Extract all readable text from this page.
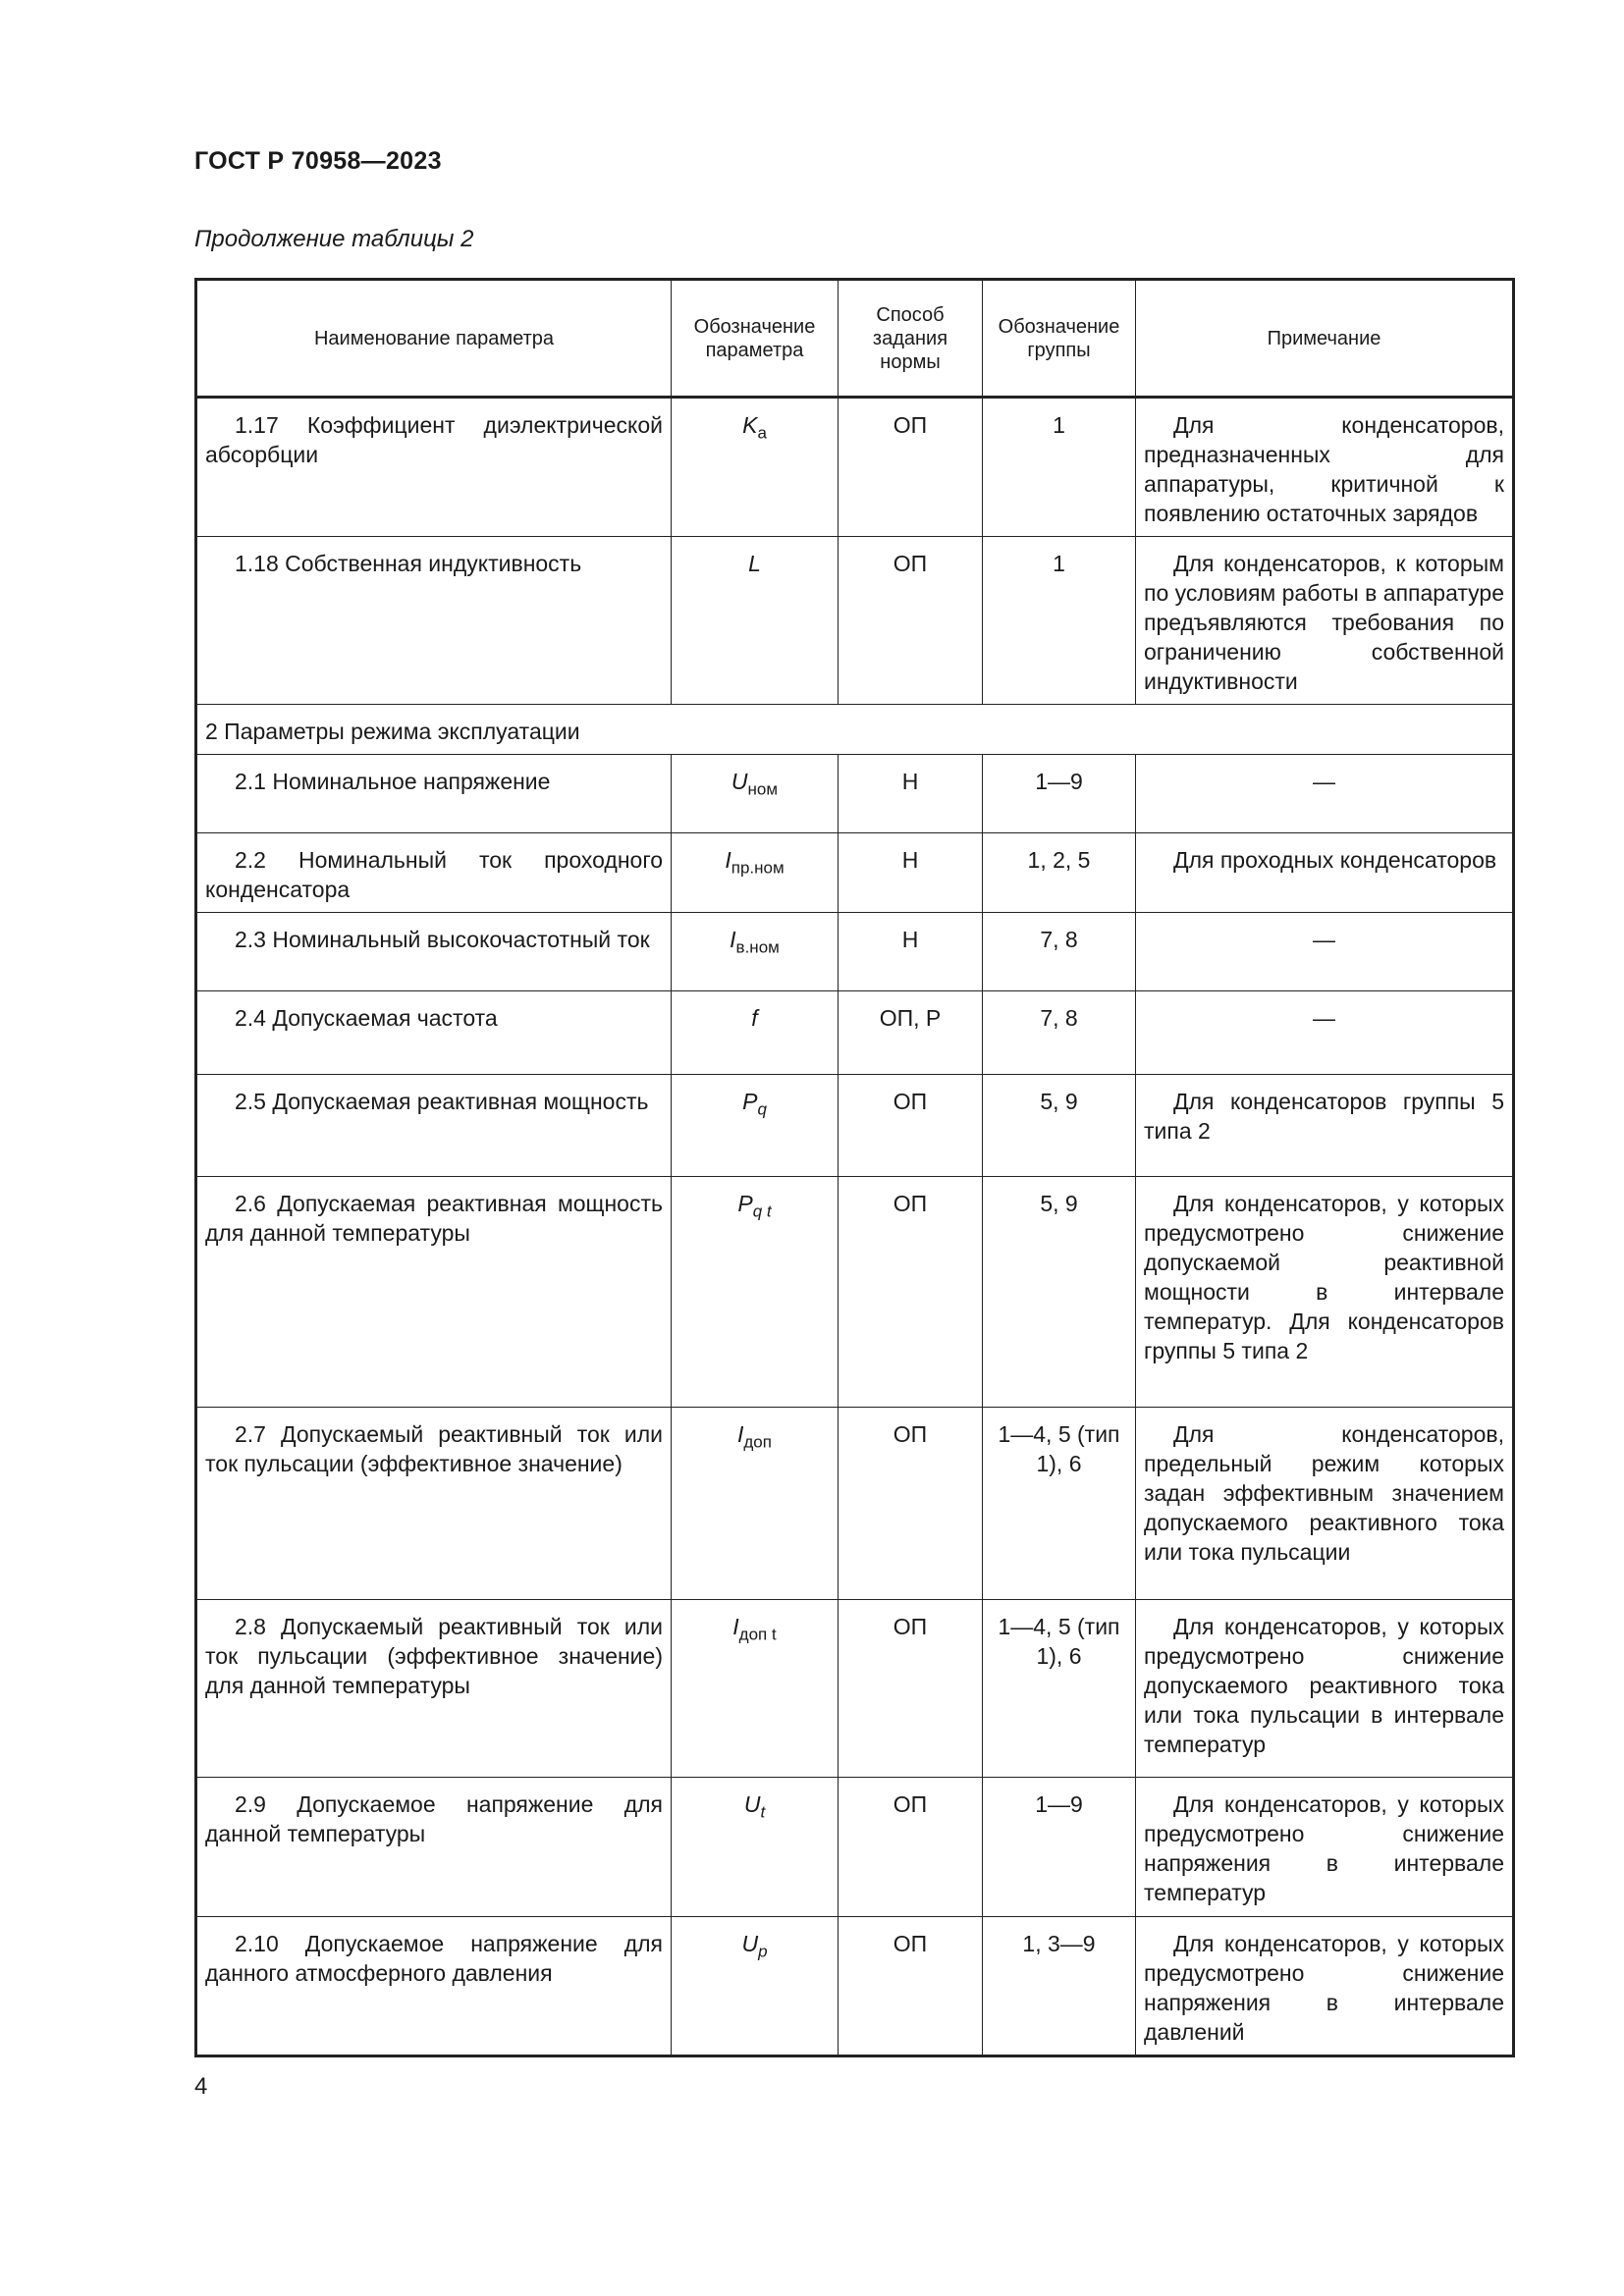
ГОСТ Р 70958—2023
Продолжение таблицы 2
Наименование параметра	Обозначение параметра	Способ задания нормы	Обозначение группы	Примечание
1.17 Коэффициент диэлектрической абсорбции	$K_а$	ОП	1	Для конденсаторов, предназначенных для аппаратуры, критичной к появлению остаточных зарядов
1.18 Собственная индуктивность	L	ОП	1	Для конденсаторов, к которым по условиям работы в аппаратуре предъявляются требования по ограничению собственной индуктивности
2 Параметры режима эксплуатации				
2.1 Номинальное напряжение	$U_{ном}$	Н	1—9	—
2.2 Номинальный ток проходного конденсатора	$I_{пр.ном}$	Н	1, 2, 5	Для проходных конденсаторов
2.3 Номинальный высокочастотный ток	$I_{в.ном}$	Н	7, 8	—
2.4 Допускаемая частота	f	ОП, Р	7, 8	—
2.5 Допускаемая реактивная мощность	$P_q$	ОП	5, 9	Для конденсаторов группы 5 типа 2
2.6 Допускаемая реактивная мощность для данной температуры	$P_{q t}$	ОП	5, 9	Для конденсаторов, у которых предусмотрено снижение допускаемой реактивной мощности в интервале температур. Для конденсаторов группы 5 типа 2
2.7 Допускаемый реактивный ток или ток пульсации (эффективное значение)	$I_{доп}$	ОП	1—4, 5 (тип 1), 6	Для конденсаторов, предельный режим которых задан эффективным значением допускаемого реактивного тока или тока пульсации
2.8 Допускаемый реактивный ток или ток пульсации (эффективное значение) для данной температуры	$I_{доп t}$	ОП	1—4, 5 (тип 1), 6	Для конденсаторов, у которых предусмотрено снижение допускаемого реактивного тока или тока пульсации в интервале температур
2.9 Допускаемое напряжение для данной температуры	$U_t$	ОП	1—9	Для конденсаторов, у которых предусмотрено снижение напряжения в интервале температур
2.10 Допускаемое напряжение для данного атмосферного давления	$U_р$	ОП	1, 3—9	Для конденсаторов, у которых предусмотрено снижение напряжения в интервале давлений
4
